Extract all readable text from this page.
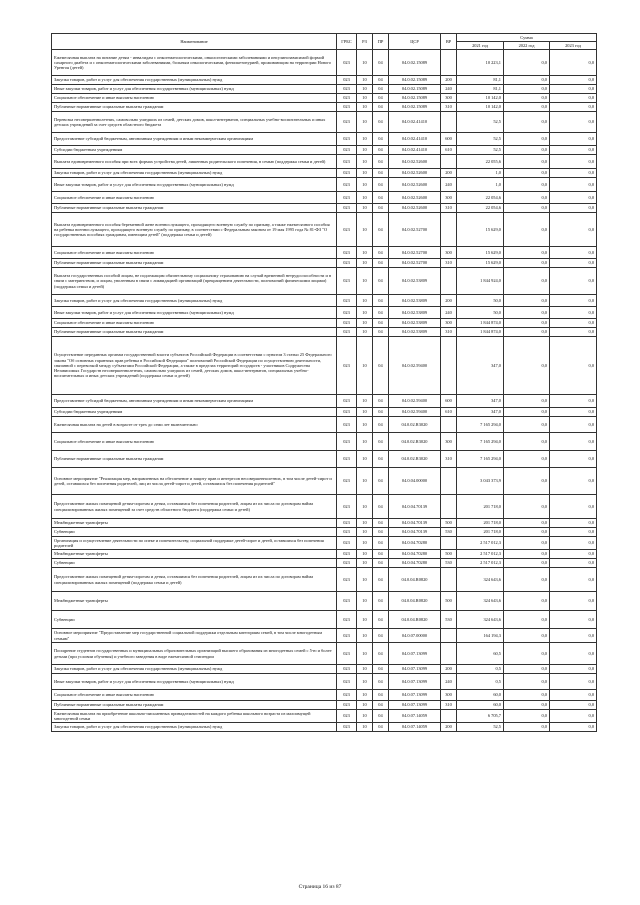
Наименование	ГРБС	РЗ	ПР	ЦСР	ВР	Сумма		
						2021 год	2022 год	2023 год
Ежемесячная выплата на питание детям - инвалидам с онкогематологическими, онкологическими заболеваниями и инсулинозависимой формой сахарного диабета и с онкогематологическими заболеваниями, больным онкологическими, фенилкетонурией, проживающим на территории Нового Уренгоя (детей)	023	10	04	04.0.02.15089		10 223,1	0,0	0,0
Закупка товаров, работ и услуг для обеспечения государственных (муниципальных) нужд	023	10	04	04.0.02.15089	200	81,1	0,0	0,0
Иные закупки товаров, работ и услуг для обеспечения государственных (муниципальных) нужд	023	10	04	04.0.02.15089	240	81,1	0,0	0,0
Социальное обеспечение и иные выплаты населению	023	10	04	04.0.02.15089	300	10 142,0	0,0	0,0
Публичные нормативные социальные выплаты гражданам	023	10	04	04.0.02.15089	310	10 142,0	0,0	0,0
Перевозка несовершеннолетних, самовольно ушедших из семей, детских домов, школ-интернатов, специальных учебно-воспитательных и иных детских учреждений за счет средств областного бюджета	023	10	04	04.0.02.41410		52,5	0,0	0,0
Предоставление субсидий бюджетным, автономным учреждениям и иным некоммерческим организациям	023	10	04	04.0.02.41410	600	52,5	0,0	0,0
Субсидии бюджетным учреждениям	023	10	04	04.0.02.41410	610	52,5	0,0	0,0
Выплата единовременного пособия при всех формах устройства детей, лишенных родительского попечения, в семью (поддержка семьи и детей)	023	10	04	04.0.02.52600		22 055,6	0,0	0,0
Закупка товаров, работ и услуг для обеспечения государственных (муниципальных) нужд	023	10	04	04.0.02.52600	200	1,0	0,0	0,0
Иные закупки товаров, работ и услуг для обеспечения государственных (муниципальных) нужд	023	10	04	04.0.02.52600	240	1,0	0,0	0,0
Социальное обеспечение и иные выплаты населению	023	10	04	04.0.02.52600	300	22 054,6	0,0	0,0
Публичные нормативные социальные выплаты гражданам	023	10	04	04.0.02.52600	310	22 054,6	0,0	0,0
Выплата единовременного пособия беременной жене военнослужащего, проходящего военную службу по призыву, а также ежемесячного пособия на ребенка военнослужащего, проходящего военную службу по призыву, в соответствии с Федеральным законом от 19 мая 1995 года № 81-ФЗ "О государственных пособиях гражданам, имеющим детей" (поддержка семьи и детей)	023	10	04	04.0.02.52700		15 629,0	0,0	0,0
Социальное обеспечение и иные выплаты населению	023	10	04	04.0.02.52700	300	15 629,0	0,0	0,0
Публичные нормативные социальные выплаты гражданам	023	10	04	04.0.02.52700	310	15 629,0	0,0	0,0
Выплата государственных пособий лицам, не подлежащим обязательному социальному страхованию на случай временной нетрудоспособности и в связи с материнством, и лицам, уволенным в связи с ликвидацией организаций (прекращением деятельности, полномочий физическими лицами) (поддержка семьи и детей)	023	10	04	04.0.02.53809		1 844 924,0	0,0	0,0
Закупка товаров, работ и услуг для обеспечения государственных (муниципальных) нужд	023	10	04	04.0.02.53809	200	50,0	0,0	0,0
Иные закупки товаров, работ и услуг для обеспечения государственных (муниципальных) нужд	023	10	04	04.0.02.53809	240	50,0	0,0	0,0
Социальное обеспечение и иные выплаты населению	023	10	04	04.0.02.53809	300	1 844 874,0	0,0	0,0
Публичные нормативные социальные выплаты гражданам	023	10	04	04.0.02.53809	310	1 844 874,0	0,0	0,0
Осуществление переданных органам государственной власти субъектов Российской Федерации в соответствии с пунктом 3 статьи 25 Федерального закона "Об основных гарантиях прав ребенка в Российской Федерации" полномочий Российской Федерации по осуществлению деятельности, связанной с перевозкой между субъектами Российской Федерации, а также в пределах территорий государств - участников Содружества Независимых Государств несовершеннолетних, самовольно ушедших из семей, детских домов, школ-интернатов, специальных учебно-воспитательных и иных детских учреждений (поддержка семьи и детей)	023	10	04	04.0.02.59400		347,0	0,0	0,0
Предоставление субсидий бюджетным, автономным учреждениям и иным некоммерческим организациям	023	10	04	04.0.02.59400	600	347,0	0,0	0,0
Субсидии бюджетным учреждениям	023	10	04	04.0.02.59400	610	347,0	0,0	0,0
Ежемесячная выплата на детей в возрасте от трех до семи лет включительно	023	10	04	04.0.02.R3020		7 165 294,0	0,0	0,0
Социальное обеспечение и иные выплаты населению	023	10	04	04.0.02.R3020	300	7 165 294,0	0,0	0,0
Публичные нормативные социальные выплаты гражданам	023	10	04	04.0.02.R3020	310	7 165 294,0	0,0	0,0
Основное мероприятие "Реализация мер, направленных на обеспечение и защиту прав и интересов несовершеннолетних, в том числе детей-сирот и детей, оставшихся без попечения родителей, лиц из числа детей-сирот и детей, оставшихся без попечения родителей"	023	10	04	04.0.04.00000		3 043 373,9	0,0	0,0
Предоставление жилых помещений детям-сиротам и детям, оставшимся без попечения родителей, лицам из их числа по договорам найма специализированных жилых помещений за счет средств областного бюджета (поддержка семьи и детей)	023	10	04	04.0.04.70139		201 718,0	0,0	0,0
Межбюджетные трансферты	023	10	04	04.0.04.70139	500	201 718,0	0,0	0,0
Субвенции	023	10	04	04.0.04.70139	530	201 718,0	0,0	0,0
Организация и осуществление деятельности по опеке и попечительству, социальной поддержке детей-сирот и детей, оставшихся без попечения родителей	023	10	04	04.0.04.70280		2 517 012,3	0,0	0,0
Межбюджетные трансферты	023	10	04	04.0.04.70280	500	2 517 012,3	0,0	0,0
Субвенции	023	10	04	04.0.04.70280	530	2 517 012,3	0,0	0,0
Предоставление жилых помещений детям-сиротам и детям, оставшимся без попечения родителей, лицам из их числа по договорам найма специализированных жилых помещений (поддержка семьи и детей)	023	10	04	04.0.04.R0820		324 643,6	0,0	0,0
Межбюджетные трансферты	023	10	04	04.0.04.R0820	500	324 643,6	0,0	0,0
Субвенции	023	10	04	04.0.04.R0820	530	324 643,6	0,0	0,0
Основное мероприятие "Предоставление мер государственной социальной поддержки отдельным категориям семей, в том числе многодетным семьям"	023	10	04	04.0.07.00000		164 194,3	0,0	0,0
Поощрение студентов государственных и муниципальных образовательных организаций высшего образования из многодетных семей с 5-ю и более детьми (при условии обучения) и учебного заведения в виде ежемесячной стипендии	023	10	04	04.0.07.13099		60,5	0,0	0,0
Закупка товаров, работ и услуг для обеспечения государственных (муниципальных) нужд	023	10	04	04.0.07.13099	200	0,5	0,0	0,0
Иные закупки товаров, работ и услуг для обеспечения государственных (муниципальных) нужд	023	10	04	04.0.07.13099	240	0,5	0,0	0,0
Социальное обеспечение и иные выплаты населению	023	10	04	04.0.07.13099	300	60,0	0,0	0,0
Публичные нормативные социальные выплаты гражданам	023	10	04	04.0.07.13099	310	60,0	0,0	0,0
Ежемесячная выплата на приобретение школьно-письменных принадлежностей на каждого ребенка школьного возраста из малоимущей многодетной семьи	023	10	04	04.0.07.14059		6 705,7	0,0	0,0
Закупка товаров, работ и услуг для обеспечения государственных (муниципальных) нужд	023	10	04	04.0.07.14059	200	52,5	0,0	0,0
Страница 16 из 87
